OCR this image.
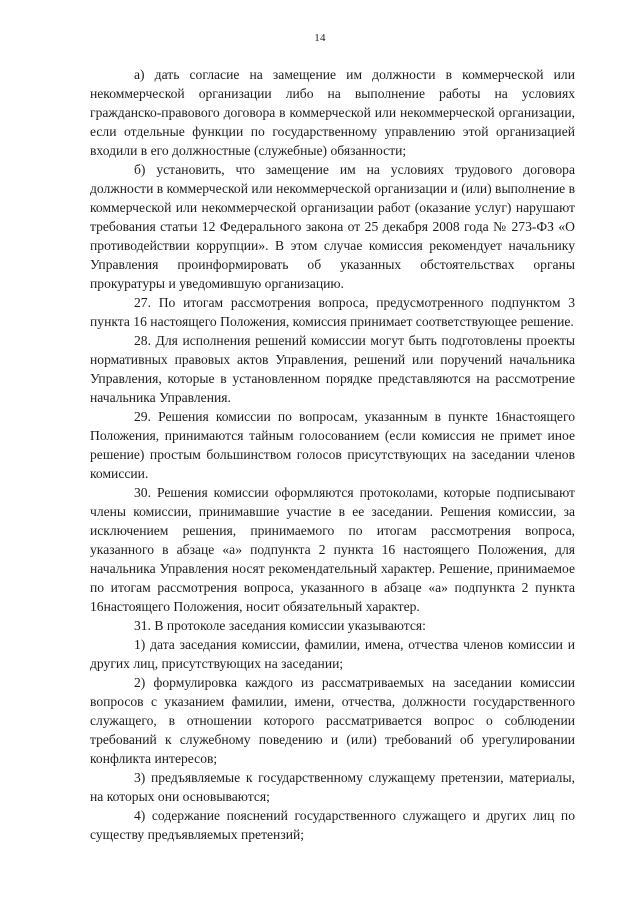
14

а) дать согласие на замещение им должности в коммерческой или некоммерческой организации либо на выполнение работы на условиях гражданско-правового договора в коммерческой или некоммерческой организации, если отдельные функции по государственному управлению этой организацией входили в его должностные (служебные) обязанности;

б) установить, что замещение им на условиях трудового договора должности в коммерческой или некоммерческой организации и (или) выполнение в коммерческой или некоммерческой организации работ (оказание услуг) нарушают требования статьи 12 Федерального закона от 25 декабря 2008 года № 273-ФЗ «О противодействии коррупции». В этом случае комиссия рекомендует начальнику Управления проинформировать об указанных обстоятельствах органы прокуратуры и уведомившую организацию.

27. По итогам рассмотрения вопроса, предусмотренного подпунктом 3 пункта 16 настоящего Положения, комиссия принимает соответствующее решение.

28. Для исполнения решений комиссии могут быть подготовлены проекты нормативных правовых актов Управления, решений или поручений начальника Управления, которые в установленном порядке представляются на рассмотрение начальника Управления.

29. Решения комиссии по вопросам, указанным в пункте 16настоящего Положения, принимаются тайным голосованием (если комиссия не примет иное решение) простым большинством голосов присутствующих на заседании членов комиссии.

30. Решения комиссии оформляются протоколами, которые подписывают члены комиссии, принимавшие участие в ее заседании. Решения комиссии, за исключением решения, принимаемого по итогам рассмотрения вопроса, указанного в абзаце «а» подпункта 2 пункта 16 настоящего Положения, для начальника Управления носят рекомендательный характер. Решение, принимаемое по итогам рассмотрения вопроса, указанного в абзаце «а» подпункта 2 пункта 16настоящего Положения, носит обязательный характер.

31. В протоколе заседания комиссии указываются:

1) дата заседания комиссии, фамилии, имена, отчества членов комиссии и других лиц, присутствующих на заседании;

2) формулировка каждого из рассматриваемых на заседании комиссии вопросов с указанием фамилии, имени, отчества, должности государственного служащего, в отношении которого рассматривается вопрос о соблюдении требований к служебному поведению и (или) требований об урегулировании конфликта интересов;

3) предъявляемые к государственному служащему претензии, материалы, на которых они основываются;

4) содержание пояснений государственного служащего и других лиц по существу предъявляемых претензий;
